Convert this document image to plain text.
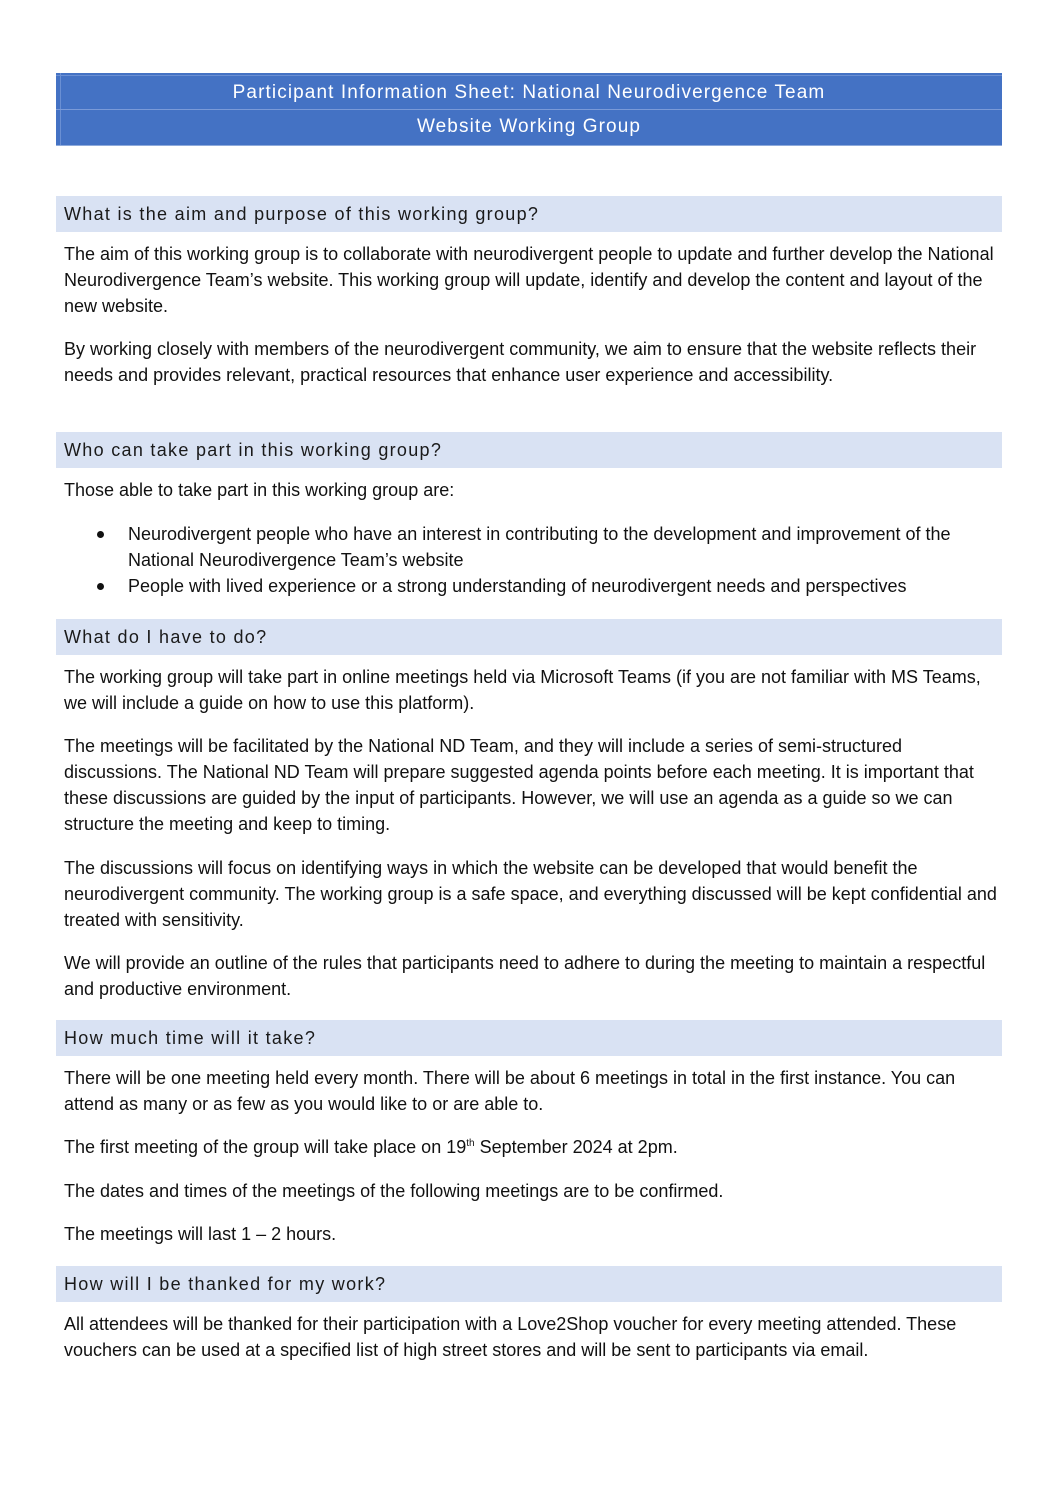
Participant Information Sheet: National Neurodivergence Team
Website Working Group
What is the aim and purpose of this working group?

The aim of this working group is to collaborate with neurodivergent people to update and further develop the National Neurodivergence Team’s website. This working group will update, identify and develop the content and layout of the new website.

By working closely with members of the neurodivergent community, we aim to ensure that the website reflects their needs and provides relevant, practical resources that enhance user experience and accessibility.

Who can take part in this working group?

Those able to take part in this working group are:

Neurodivergent people who have an interest in contributing to the development and improvement of the National Neurodivergence Team’s website
People with lived experience or a strong understanding of neurodivergent needs and perspectives
What do I have to do?

The working group will take part in online meetings held via Microsoft Teams (if you are not familiar with MS Teams, we will include a guide on how to use this platform).

The meetings will be facilitated by the National ND Team, and they will include a series of semi-structured discussions. The National ND Team will prepare suggested agenda points before each meeting. It is important that these discussions are guided by the input of participants. However, we will use an agenda as a guide so we can structure the meeting and keep to timing.

The discussions will focus on identifying ways in which the website can be developed that would benefit the neurodivergent community. The working group is a safe space, and everything discussed will be kept confidential and treated with sensitivity.

We will provide an outline of the rules that participants need to adhere to during the meeting to maintain a respectful and productive environment.

How much time will it take?

There will be one meeting held every month. There will be about 6 meetings in total in the first instance. You can attend as many or as few as you would like to or are able to.

The first meeting of the group will take place on 19th September 2024 at 2pm.

The dates and times of the meetings of the following meetings are to be confirmed.

The meetings will last 1 – 2 hours.

How will I be thanked for my work?

All attendees will be thanked for their participation with a Love2Shop voucher for every meeting attended. These vouchers can be used at a specified list of high street stores and will be sent to participants via email.
